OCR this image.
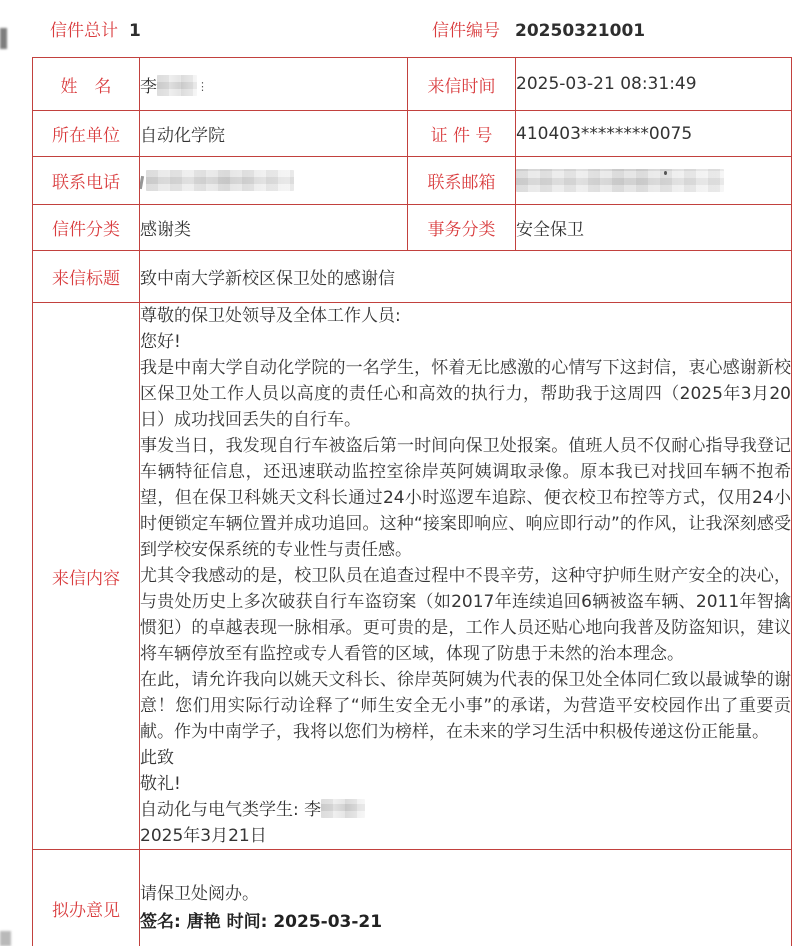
信件总计 1	信件编号 20250321001
姓　名	李 ⋮	来信时间	2025-03-21 08:31:49
所在单位	自动化学院	证 件 号	410403********0075
联系电话		联系邮箱	

信件分类	感谢类	事务分类	安全保卫
来信标题	致中南大学新校区保卫处的感谢信		
来信内容	
尊敬的保卫处领导及全体工作人员:
您好!
我是中南大学自动化学院的一名学生，怀着无比感激的心情写下这封信，衷心感谢新校区保卫处工作人员以高度的责任心和高效的执行力，帮助我于这周四（2025年3月20日）成功找回丢失的自行车。
事发当日，我发现自行车被盗后第一时间向保卫处报案。值班人员不仅耐心指导我登记车辆特征信息，还迅速联动监控室徐岸英阿姨调取录像。原本我已对找回车辆不抱希望，但在保卫科姚天文科长通过24小时巡逻车追踪、便衣校卫布控等方式，仅用24小时便锁定车辆位置并成功追回。这种“接案即响应、响应即行动”的作风，让我深刻感受到学校安保系统的专业性与责任感。
尤其令我感动的是，校卫队员在追查过程中不畏辛劳，这种守护师生财产安全的决心，与贵处历史上多次破获自行车盗窃案（如2017年连续追回6辆被盗车辆、2011年智擒惯犯）的卓越表现一脉相承。更可贵的是，工作人员还贴心地向我普及防盗知识，建议将车辆停放至有监控或专人看管的区域，体现了防患于未然的治本理念。
在此，请允许我向以姚天文科长、徐岸英阿姨为代表的保卫处全体同仁致以最诚挚的谢意！您们用实际行动诠释了“师生安全无小事”的承诺，为营造平安校园作出了重要贡献。作为中南学子，我将以您们为榜样，在未来的学习生活中积极传递这份正能量。
此致
敬礼!
自动化与电气类学生: 李
2025年3月21日

拟办意见	请保卫处阅办。
签名: 唐艳 时间: 2025-03-21		
